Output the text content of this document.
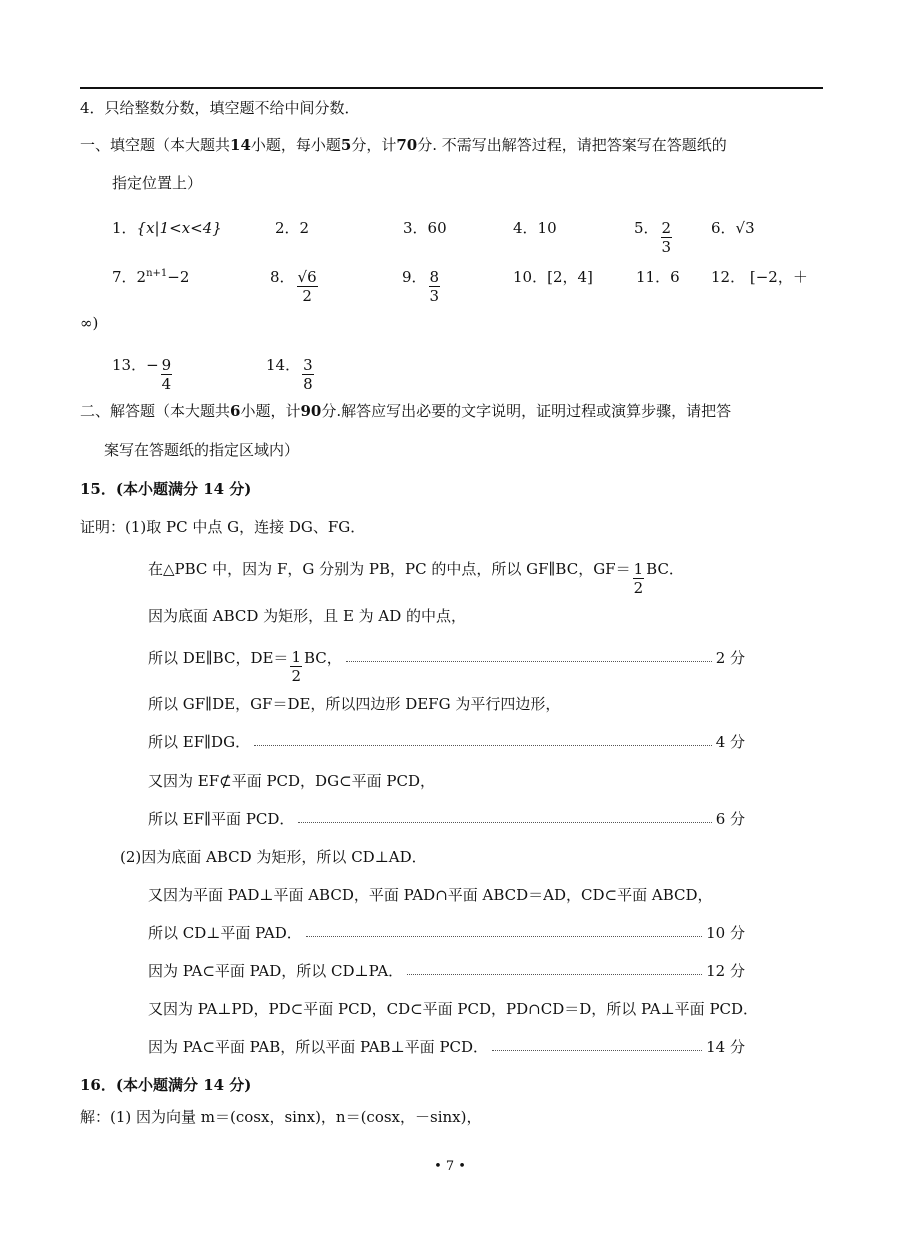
4．只给整数分数，填空题不给中间分数．
一、填空题（本大题共14小题，每小题5分，计70分. 不需写出解答过程，请把答案写在答题纸的
指定位置上）
1．{x|1<x<4}	2．2	3．60	4．10	5． $\frac{2}{3}$	6．√3
7．$2^{n+1}-2$	8． $\frac{√6}{2}$	9． $\frac{8}{3}$	10．[2，4]	11．6 12． [−2，＋
∞)
13．− $\frac{9}{4}$	14． $\frac{3}{8}$
二、解答题（本大题共6小题，计90分.解答应写出必要的文字说明，证明过程或演算步骤，请把答
案写在答题纸的指定区域内）
15．(本小题满分 14 分)
证明：(1)取 PC 中点 G，连接 DG、FG．
在△PBC 中，因为 F，G 分别为 PB，PC 的中点，所以 GF∥BC，$GF= \frac{1}{2}$ BC．
因为底面 ABCD 为矩形，且 E 为 AD 的中点，
所以 DE∥BC，$DE= \frac{1}{2}$ BC，	2 分
所以 GF∥DE，GF＝DE，所以四边形 DEFG 为平行四边形，
所以 EF∥DG．	4 分
又因为 EF⊄平面 PCD，DG⊂平面 PCD，
所以 EF∥平面 PCD．	6 分
(2)因为底面 ABCD 为矩形，所以 CD⊥AD．
又因为平面 PAD⊥平面 ABCD，平面 PAD∩平面 ABCD＝AD，CD⊂平面 ABCD，
所以 CD⊥平面 PAD．	10 分
因为 PA⊂平面 PAD，所以 CD⊥PA．	12 分
又因为 PA⊥PD，PD⊂平面 PCD，CD⊂平面 PCD，PD∩CD＝D，所以 PA⊥平面 PCD．
因为 PA⊂平面 PAB，所以平面 PAB⊥平面 PCD．	14 分
16．(本小题满分 14 分)
解：(1) 因为向量 m＝(cosx，sinx)，n＝(cosx，－sinx)，
• 7 •
